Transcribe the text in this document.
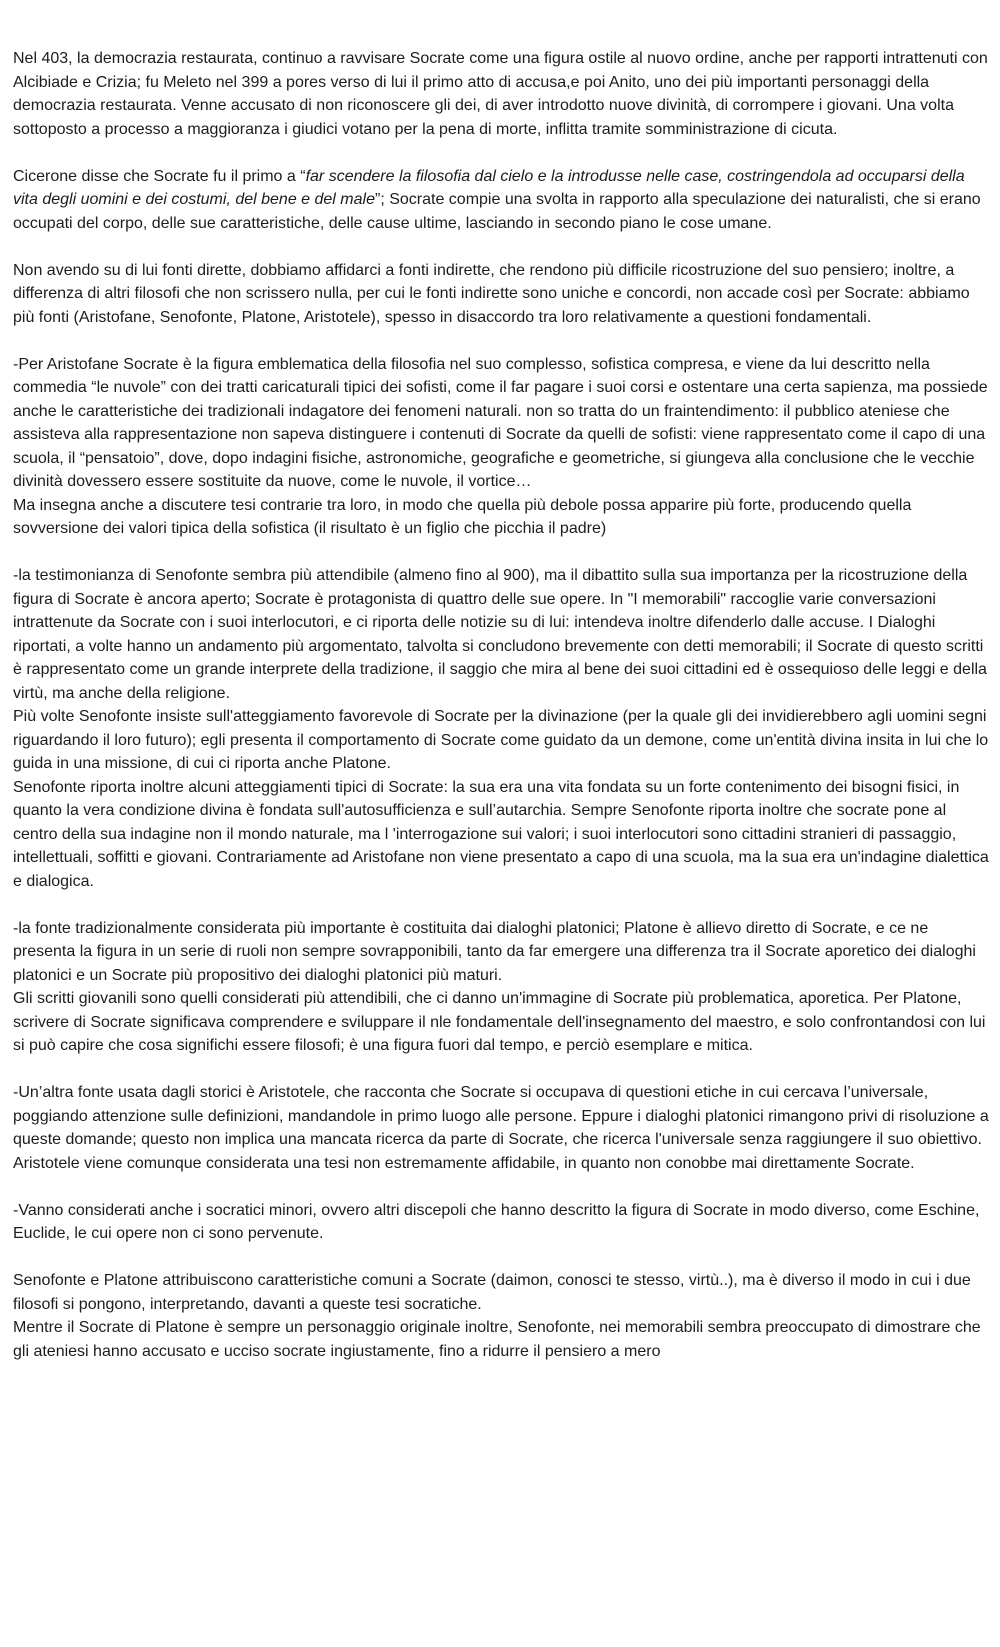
Nel 403, la democrazia restaurata, continuo a ravvisare Socrate come una figura ostile al nuovo ordine, anche per rapporti intrattenuti con Alcibiade e Crizia; fu Meleto nel 399 a pores verso di lui il primo atto di accusa,e poi Anito, uno dei più importanti personaggi della democrazia restaurata. Venne accusato di non riconoscere gli dei, di aver introdotto nuove divinità, di corrompere i giovani. Una volta sottoposto a processo a maggioranza i giudici votano per la pena di morte, inflitta tramite somministrazione di cicuta.

Cicerone disse che Socrate fu il primo a “far scendere la filosofia dal cielo e la introdusse nelle case, costringendola ad occuparsi della vita degli uomini e dei costumi, del bene e del male”; Socrate compie una svolta in rapporto alla speculazione dei naturalisti, che si erano occupati del corpo, delle sue caratteristiche, delle cause ultime, lasciando in secondo piano le cose umane.

Non avendo su di lui fonti dirette, dobbiamo affidarci a fonti indirette, che rendono più difficile ricostruzione del suo pensiero; inoltre, a differenza di altri filosofi che non scrissero nulla, per cui le fonti indirette sono uniche e concordi, non accade così per Socrate: abbiamo più fonti (Aristofane, Senofonte, Platone, Aristotele), spesso in disaccordo tra loro relativamente a questioni fondamentali.

-Per Aristofane Socrate è la figura emblematica della filosofia nel suo complesso, sofistica compresa, e viene da lui descritto nella commedia “le nuvole” con dei tratti caricaturali tipici dei sofisti, come il far pagare i suoi corsi e ostentare una certa sapienza, ma possiede anche le caratteristiche dei tradizionali indagatore dei fenomeni naturali. non so tratta do un fraintendimento: il pubblico ateniese che assisteva alla rappresentazione non sapeva distinguere i contenuti di Socrate da quelli de sofisti: viene rappresentato come il capo di una scuola, il “pensatoio”, dove, dopo indagini fisiche, astronomiche, geografiche e geometriche, si giungeva alla conclusione che le vecchie divinità dovessero essere sostituite da nuove, come le nuvole, il vortice…

Ma insegna anche a discutere tesi contrarie tra loro, in modo che quella più debole possa apparire più forte, producendo quella sovversione dei valori tipica della sofistica (il risultato è un figlio che picchia il padre)

-la testimonianza di Senofonte sembra più attendibile (almeno fino al 900), ma il dibattito sulla sua importanza per la ricostruzione della figura di Socrate è ancora aperto; Socrate è protagonista di quattro delle sue opere. In "I memorabili" raccoglie varie conversazioni intrattenute da Socrate con i suoi interlocutori, e ci riporta delle notizie su di lui: intendeva inoltre difenderlo dalle accuse. I Dialoghi riportati, a volte hanno un andamento più argomentato, talvolta si concludono brevemente con detti memorabili; il Socrate di questo scritti è rappresentato come un grande interprete della tradizione, il saggio che mira al bene dei suoi cittadini ed è ossequioso delle leggi e della virtù, ma anche della religione.

Più volte Senofonte insiste sull'atteggiamento favorevole di Socrate per la divinazione (per la quale gli dei invidierebbero agli uomini segni riguardando il loro futuro); egli presenta il comportamento di Socrate come guidato da un demone, come un'entità divina insita in lui che lo guida in una missione, di cui ci riporta anche Platone.

Senofonte riporta inoltre alcuni atteggiamenti tipici di Socrate: la sua era una vita fondata su un forte contenimento dei bisogni fisici, in quanto la vera condizione divina è fondata sull'autosufficienza e sull’autarchia. Sempre Senofonte riporta inoltre che socrate pone al centro della sua indagine non il mondo naturale, ma l 'interrogazione sui valori; i suoi interlocutori sono cittadini stranieri di passaggio, intellettuali, soffitti e giovani. Contrariamente ad Aristofane non viene presentato a capo di una scuola, ma la sua era un'indagine dialettica e dialogica.

-la fonte tradizionalmente considerata più importante è costituita dai dialoghi platonici; Platone è allievo diretto di Socrate, e ce ne presenta la figura in un serie di ruoli non sempre sovrapponibili, tanto da far emergere una differenza tra il Socrate aporetico dei dialoghi platonici e un Socrate più propositivo dei dialoghi platonici più maturi.

Gli scritti giovanili sono quelli considerati più attendibili, che ci danno un'immagine di Socrate più problematica, aporetica. Per Platone, scrivere di Socrate significava comprendere e sviluppare il nle fondamentale dell'insegnamento del maestro, e solo confrontandosi con lui si può capire che cosa significhi essere filosofi; è una figura fuori dal tempo, e perciò esemplare e mitica.

-Un’altra fonte usata dagli storici è Aristotele, che racconta che Socrate si occupava di questioni etiche in cui cercava l’universale, poggiando attenzione sulle definizioni, mandandole in primo luogo alle persone. Eppure i dialoghi platonici rimangono privi di risoluzione a queste domande; questo non implica una mancata ricerca da parte di Socrate, che ricerca l'universale senza raggiungere il suo obiettivo. Aristotele viene comunque considerata una tesi non estremamente affidabile, in quanto non conobbe mai direttamente Socrate.

-Vanno considerati anche i socratici minori, ovvero altri discepoli che hanno descritto la figura di Socrate in modo diverso, come Eschine, Euclide, le cui opere non ci sono pervenute.

Senofonte e Platone attribuiscono caratteristiche comuni a Socrate (daimon, conosci te stesso, virtù..), ma è diverso il modo in cui i due filosofi si pongono, interpretando, davanti a queste tesi socratiche.

Mentre il Socrate di Platone è sempre un personaggio originale inoltre, Senofonte, nei memorabili sembra preoccupato di dimostrare che gli ateniesi hanno accusato e ucciso socrate ingiustamente, fino a ridurre il pensiero a mero
